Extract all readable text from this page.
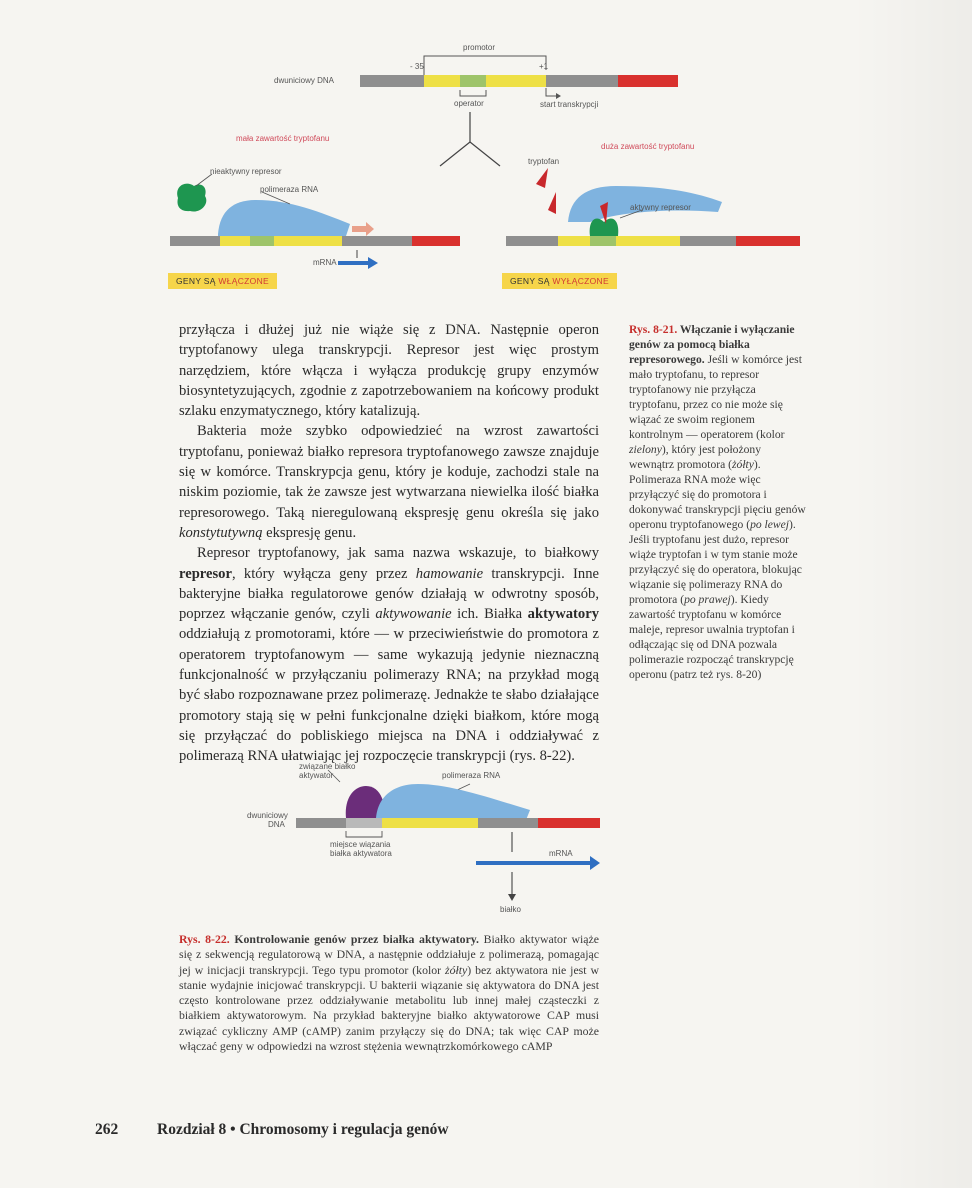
promotor
- 35	+1
dwuniciowy DNA
operator	start transkrypcji
mała zawartość tryptofanu
duża zawartość tryptofanu
nieaktywny represor
polimeraza RNA
tryptofan
aktywny represor
mRNA
GENY SĄ WŁĄCZONE	GENY SĄ WYŁĄCZONE

przyłącza i dłużej już nie wiąże się z DNA. Następnie operon tryptofanowy ulega transkrypcji. Represor jest więc prostym narzędziem, które włącza i wyłącza produkcję grupy enzymów biosyntetyzujących, zgodnie z zapotrzebowaniem na końcowy produkt szlaku enzymatycznego, który katalizują.

Bakteria może szybko odpowiedzieć na wzrost zawartości tryptofanu, ponieważ białko represora tryptofanowego zawsze znajduje się w komórce. Transkrypcja genu, który je koduje, zachodzi stale na niskim poziomie, tak że zawsze jest wytwarzana niewielka ilość białka represorowego. Taką nieregulowaną ekspresję genu określa się jako konstytutywną ekspresję genu.

Represor tryptofanowy, jak sama nazwa wskazuje, to białkowy represor, który wyłącza geny przez hamowanie transkrypcji. Inne bakteryjne białka regulatorowe genów działają w odwrotny sposób, poprzez włączanie genów, czyli aktywowanie ich. Białka aktywatory oddziałują z promotorami, które — w przeciwieństwie do promotora z operatorem tryptofanowym — same wykazują jedynie nieznaczną funkcjonalność w przyłączaniu polimerazy RNA; na przykład mogą być słabo rozpoznawane przez polimerazę. Jednakże te słabo działające promotory stają się w pełni funkcjonalne dzięki białkom, które mogą się przyłączać do pobliskiego miejsca na DNA i oddziaływać z polimerazą RNA ułatwiając jej rozpoczęcie transkrypcji (rys. 8-22).

Rys. 8-21. Włączanie i wyłączanie genów za pomocą białka represorowego. Jeśli w komórce jest mało tryptofanu, to represor tryptofanowy nie przyłącza tryptofanu, przez co nie może się wiązać ze swoim regionem kontrolnym — operatorem (kolor zielony), który jest położony wewnątrz promotora (żółty). Polimeraza RNA może więc przyłączyć się do promotora i dokonywać transkrypcji pięciu genów operonu tryptofanowego (po lewej). Jeśli tryptofanu jest dużo, represor wiąże tryptofan i w tym stanie może przyłączyć się do operatora, blokując wiązanie się polimerazy RNA do promotora (po prawej). Kiedy zawartość tryptofanu w komórce maleje, represor uwalnia tryptofan i odłączając się od DNA pozwala polimerazie rozpocząć transkrypcję operonu (patrz też rys. 8-20)
związane białko
aktywator	polimeraza RNA
dwuniciowy
DNA
miejsce wiązania
białka aktywatora	mRNA
białko
Rys. 8-22. Kontrolowanie genów przez białka aktywatory. Białko aktywator wiąże się z sekwencją regulatorową w DNA, a następnie oddziałuje z polimerazą, pomagając jej w inicjacji transkrypcji. Tego typu promotor (kolor żółty) bez aktywatora nie jest w stanie wydajnie inicjować transkrypcji. U bakterii wiązanie się aktywatora do DNA jest często kontrolowane przez oddziaływanie metabolitu lub innej małej cząsteczki z białkiem aktywatorowym. Na przykład bakteryjne białko aktywatorowe CAP musi związać cykliczny AMP (cAMP) zanim przyłączy się do DNA; tak więc CAP może włączać geny w odpowiedzi na wzrost stężenia wewnątrzkomórkowego cAMP
262	Rozdział 8 • Chromosomy i regulacja genów
